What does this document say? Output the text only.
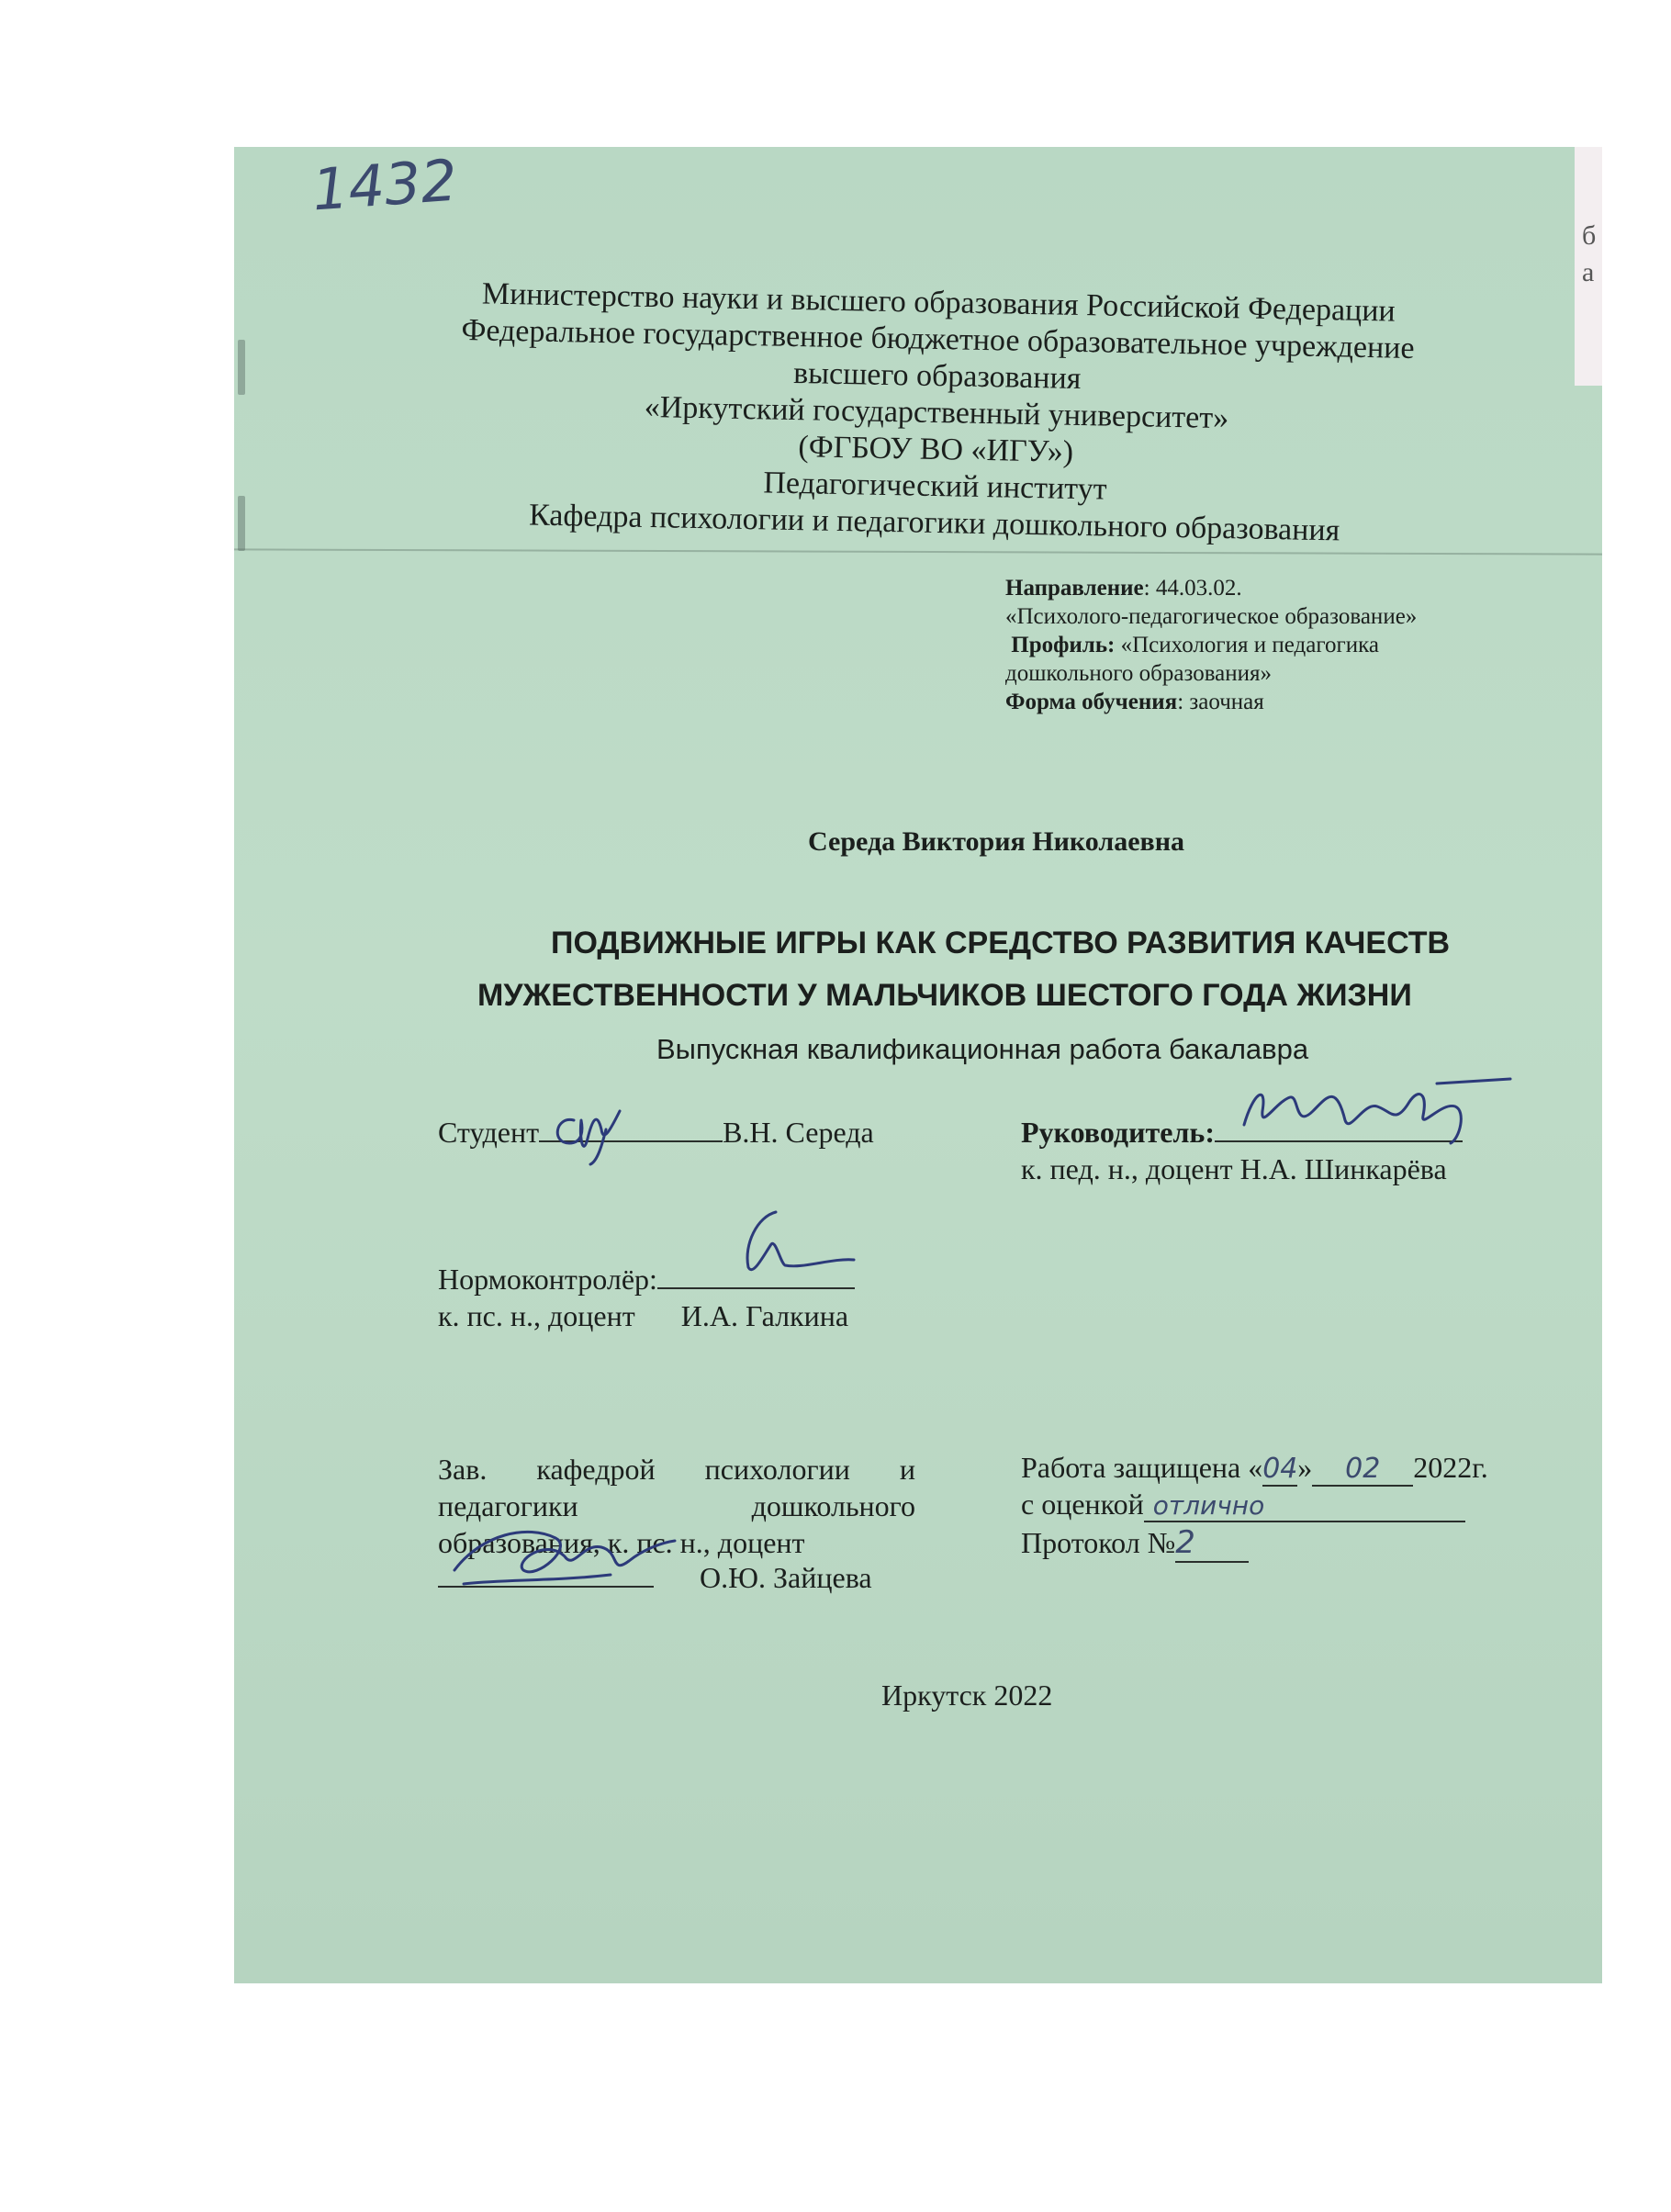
б
а
1432
Министерство науки и высшего образования Российской Федерации
Федеральное государственное бюджетное образовательное учреждение
высшего образования
«Иркутский государственный университет»
(ФГБОУ ВО «ИГУ»)
Педагогический институт
Кафедра психологии и педагогики дошкольного образования
Направление: 44.03.02.
«Психолого-педагогическое образование»
Профиль: «Психология и педагогика
дошкольного образования»
Форма обучения: заочная
Середа Виктория Николаевна
ПОДВИЖНЫЕ ИГРЫ КАК СРЕДСТВО РАЗВИТИЯ КАЧЕСТВ
МУЖЕСТВЕННОСТИ У МАЛЬЧИКОВ ШЕСТОГО ГОДА ЖИЗНИ
Выпускная квалификационная работа бакалавра
Студент	В.Н. Середа	Руководитель:
к. пед. н., доцент Н.А. Шинкарёва
Нормоконтролёр:
к. пс. н., доцент И.А. Галкина
Зав. кафедрой психологии и
педагогики	дошкольного
образования, к. пс. н., доцент
О.Ю. Зайцева
Работа защищена «04» 02 2022г.
с оценкой отлично
Протокол №2
Иркутск 2022
